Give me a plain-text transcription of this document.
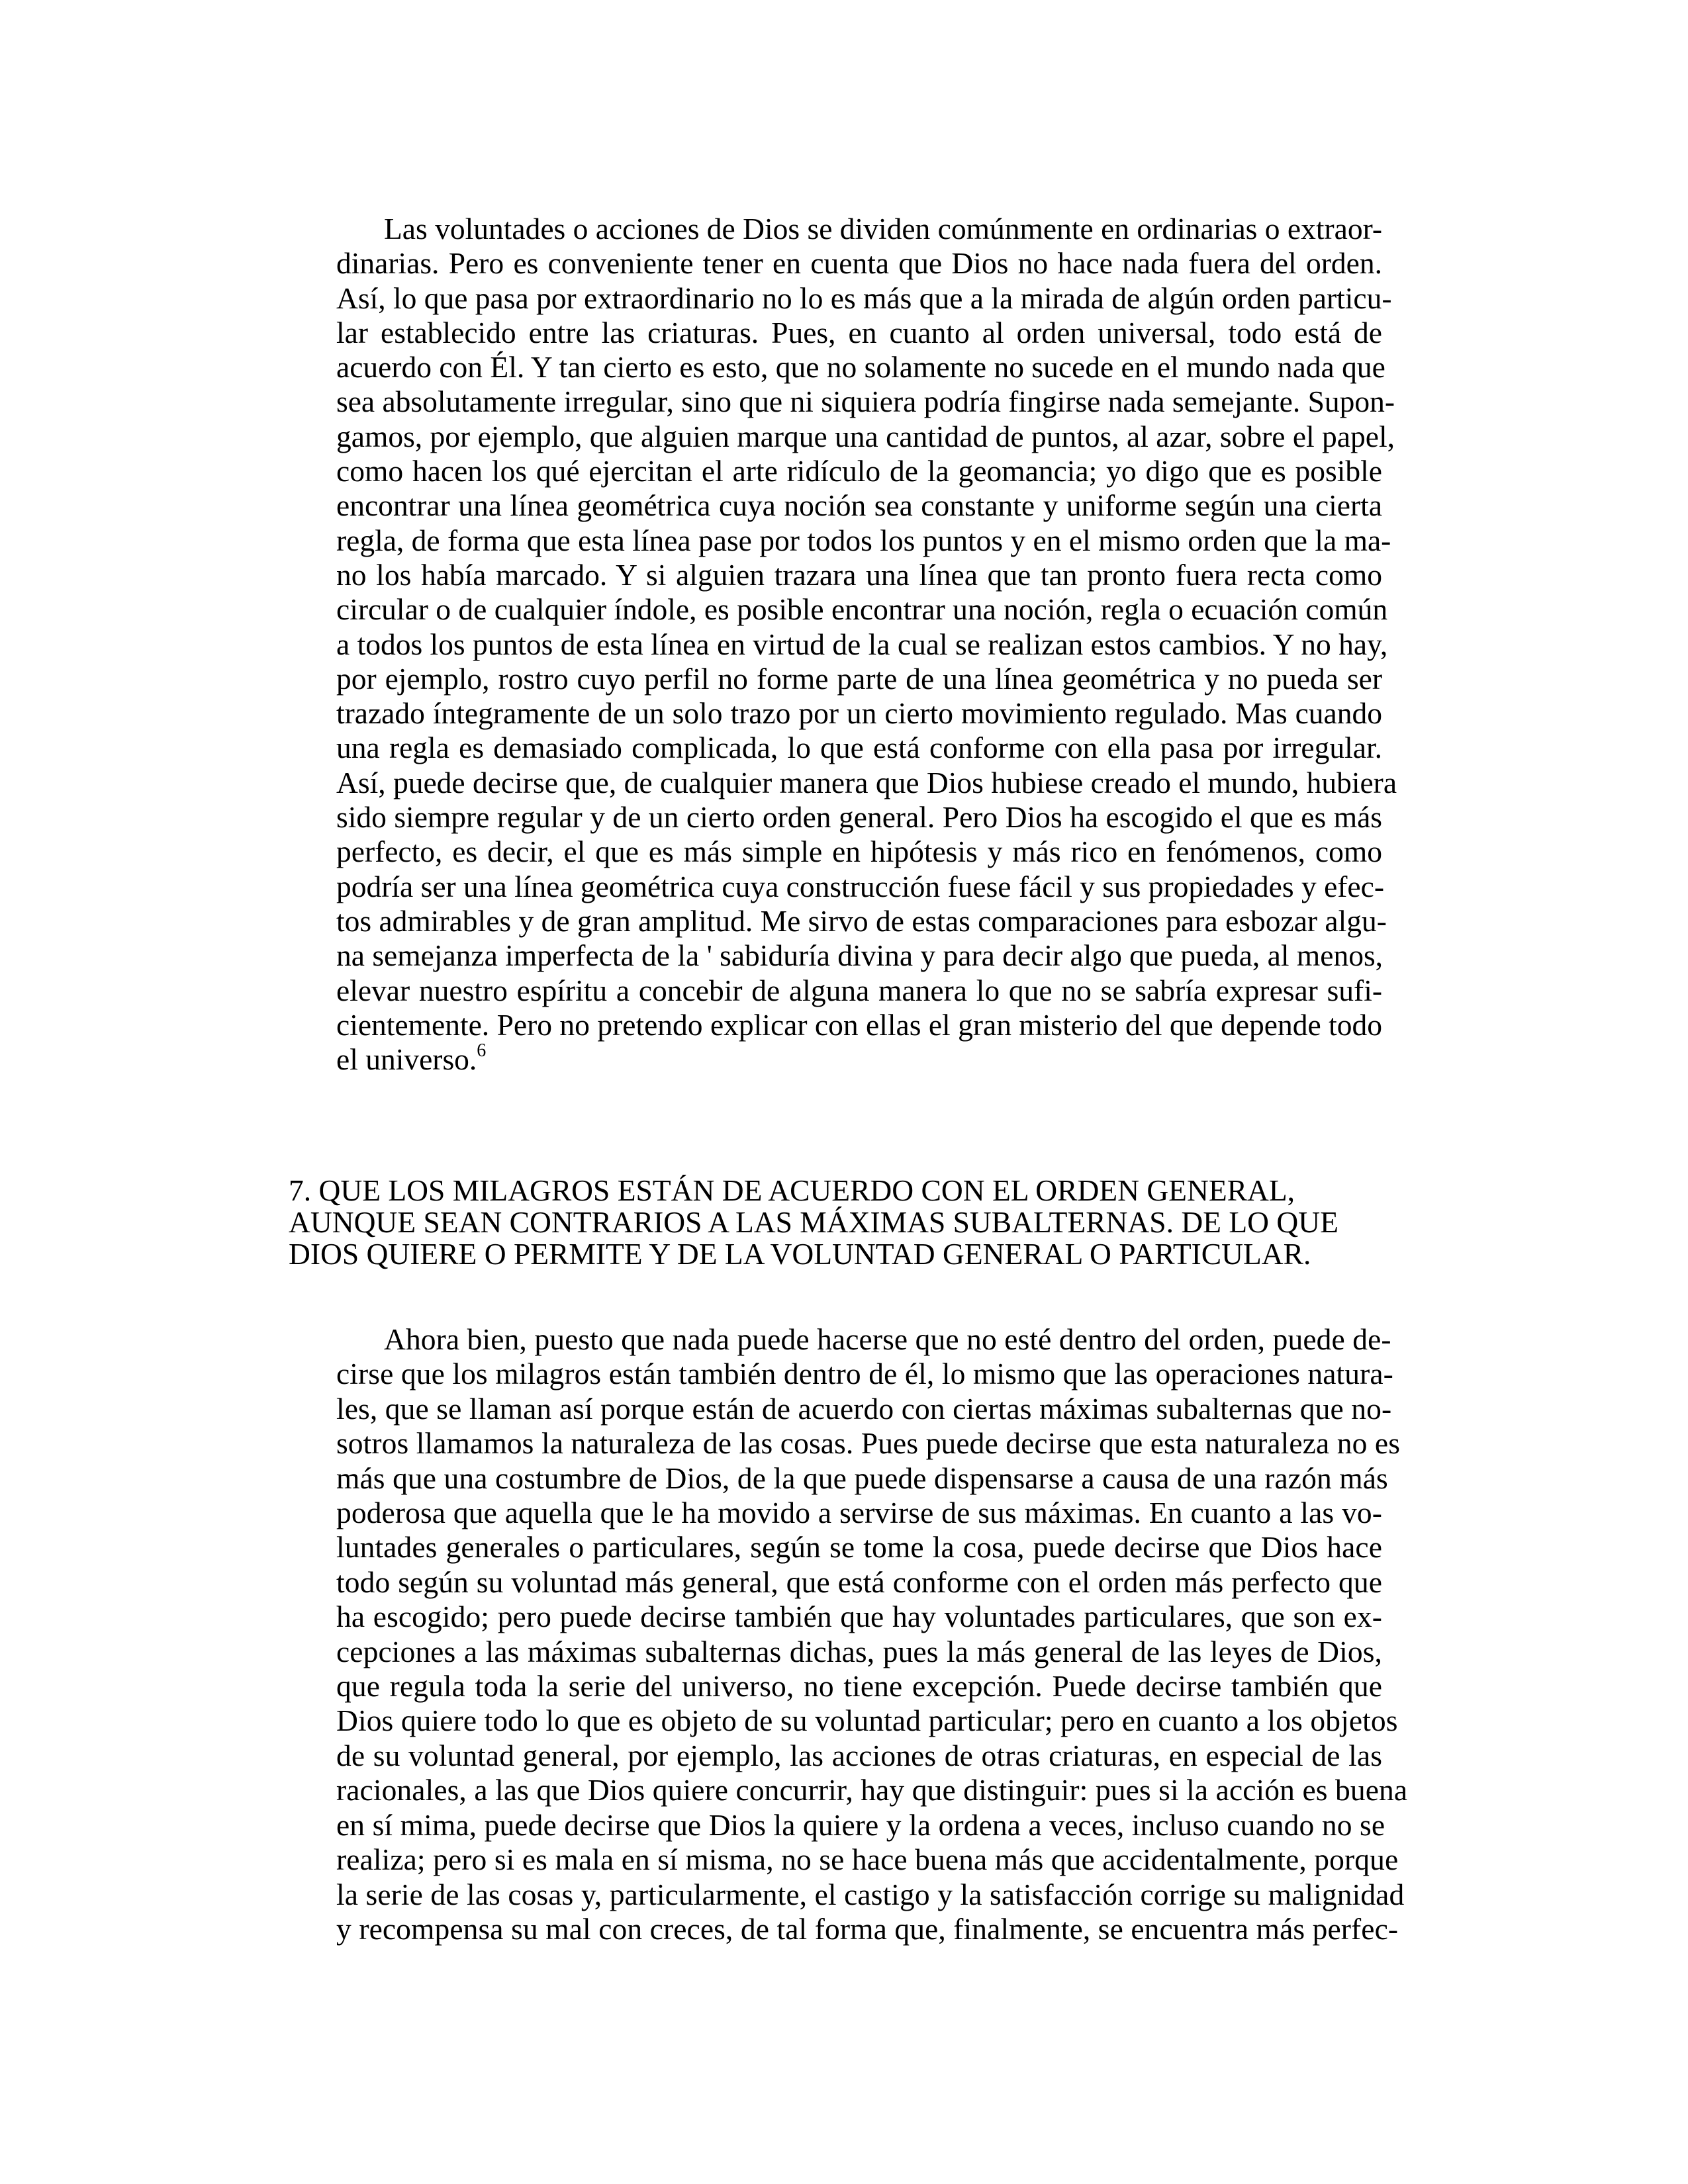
Las voluntades o acciones de Dios se dividen comúnmente en ordinarias o extraor-
dinarias. Pero es conveniente tener en cuenta que Dios no hace nada fuera del orden.
Así, lo que pasa por extraordinario no lo es más que a la mirada de algún orden particu-
lar establecido entre las criaturas. Pues, en cuanto al orden universal, todo está de
acuerdo con Él. Y tan cierto es esto, que no solamente no sucede en el mundo nada que
sea absolutamente irregular, sino que ni siquiera podría fingirse nada semejante. Supon-
gamos, por ejemplo, que alguien marque una cantidad de puntos, al azar, sobre el papel,
como hacen los qué ejercitan el arte ridículo de la geomancia; yo digo que es posible
encontrar una línea geométrica cuya noción sea constante y uniforme según una cierta
regla, de forma que esta línea pase por todos los puntos y en el mismo orden que la ma-
no los había marcado. Y si alguien trazara una línea que tan pronto fuera recta como
circular o de cualquier índole, es posible encontrar una noción, regla o ecuación común
a todos los puntos de esta línea en virtud de la cual se realizan estos cambios. Y no hay,
por ejemplo, rostro cuyo perfil no forme parte de una línea geométrica y no pueda ser
trazado íntegramente de un solo trazo por un cierto movimiento regulado. Mas cuando
una regla es demasiado complicada, lo que está conforme con ella pasa por irregular.
Así, puede decirse que, de cualquier manera que Dios hubiese creado el mundo, hubiera
sido siempre regular y de un cierto orden general. Pero Dios ha escogido el que es más
perfecto, es decir, el que es más simple en hipótesis y más rico en fenómenos, como
podría ser una línea geométrica cuya construcción fuese fácil y sus propiedades y efec-
tos admirables y de gran amplitud. Me sirvo de estas comparaciones para esbozar algu-
na semejanza imperfecta de la ' sabiduría divina y para decir algo que pueda, al menos,
elevar nuestro espíritu a concebir de alguna manera lo que no se sabría expresar sufi-
cientemente. Pero no pretendo explicar con ellas el gran misterio del que depende todo
el universo.$^6$
7. QUE LOS MILAGROS ESTÁN DE ACUERDO CON EL ORDEN GENERAL,
AUNQUE SEAN CONTRARIOS A LAS MÁXIMAS SUBALTERNAS. DE LO QUE
DIOS QUIERE O PERMITE Y DE LA VOLUNTAD GENERAL O PARTICULAR.
Ahora bien, puesto que nada puede hacerse que no esté dentro del orden, puede de-
cirse que los milagros están también dentro de él, lo mismo que las operaciones natura-
les, que se llaman así porque están de acuerdo con ciertas máximas subalternas que no-
sotros llamamos la naturaleza de las cosas. Pues puede decirse que esta naturaleza no es
más que una costumbre de Dios, de la que puede dispensarse a causa de una razón más
poderosa que aquella que le ha movido a servirse de sus máximas. En cuanto a las vo-
luntades generales o particulares, según se tome la cosa, puede decirse que Dios hace
todo según su voluntad más general, que está conforme con el orden más perfecto que
ha escogido; pero puede decirse también que hay voluntades particulares, que son ex-
cepciones a las máximas subalternas dichas, pues la más general de las leyes de Dios,
que regula toda la serie del universo, no tiene excepción. Puede decirse también que
Dios quiere todo lo que es objeto de su voluntad particular; pero en cuanto a los objetos
de su voluntad general, por ejemplo, las acciones de otras criaturas, en especial de las
racionales, a las que Dios quiere concurrir, hay que distinguir: pues si la acción es buena
en sí mima, puede decirse que Dios la quiere y la ordena a veces, incluso cuando no se
realiza; pero si es mala en sí misma, no se hace buena más que accidentalmente, porque
la serie de las cosas y, particularmente, el castigo y la satisfacción corrige su malignidad
y recompensa su mal con creces, de tal forma que, finalmente, se encuentra más perfec-
